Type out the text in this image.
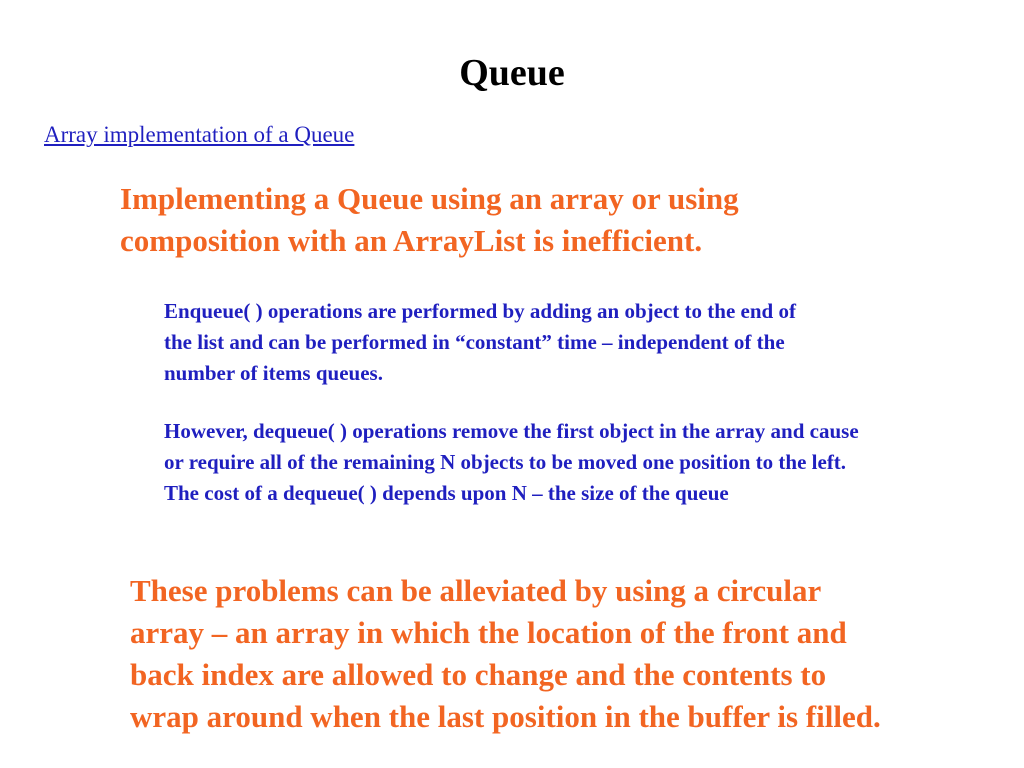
Queue

Array implementation of a Queue

Implementing a Queue using an array or using
composition with an ArrayList is inefficient.

Enqueue( ) operations are performed by adding an object to the end of
the list and can be performed in “constant” time – independent of the
number of items queues.

However, dequeue( ) operations remove the first object in the array and cause
or require all of the remaining N objects to be moved one position to the left.
The cost of a dequeue( ) depends upon N – the size of the queue

These problems can be alleviated by using a circular
array – an array in which the location of the front and
back index are allowed to change and the contents to
wrap around when the last position in the buffer is filled.
